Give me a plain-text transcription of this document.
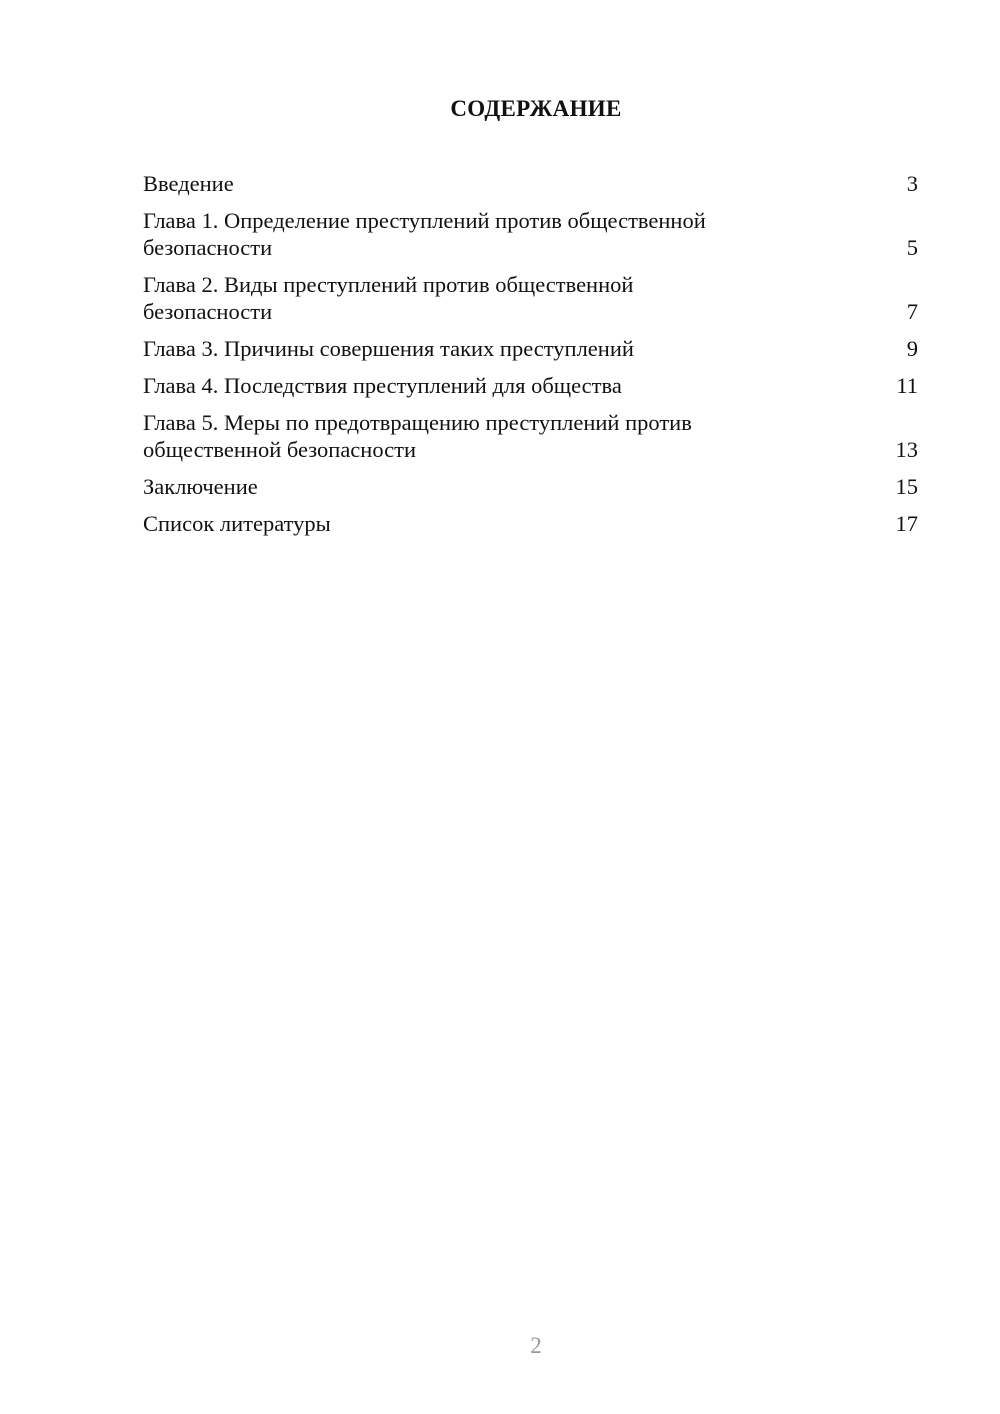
СОДЕРЖАНИЕ
Введение	3
Глава 1. Определение преступлений против общественной
безопасности	5
Глава 2. Виды преступлений против общественной
безопасности	7
Глава 3. Причины совершения таких преступлений	9
Глава 4. Последствия преступлений для общества	11
Глава 5. Меры по предотвращению преступлений против
общественной безопасности	13
Заключение	15
Список литературы	17
2
